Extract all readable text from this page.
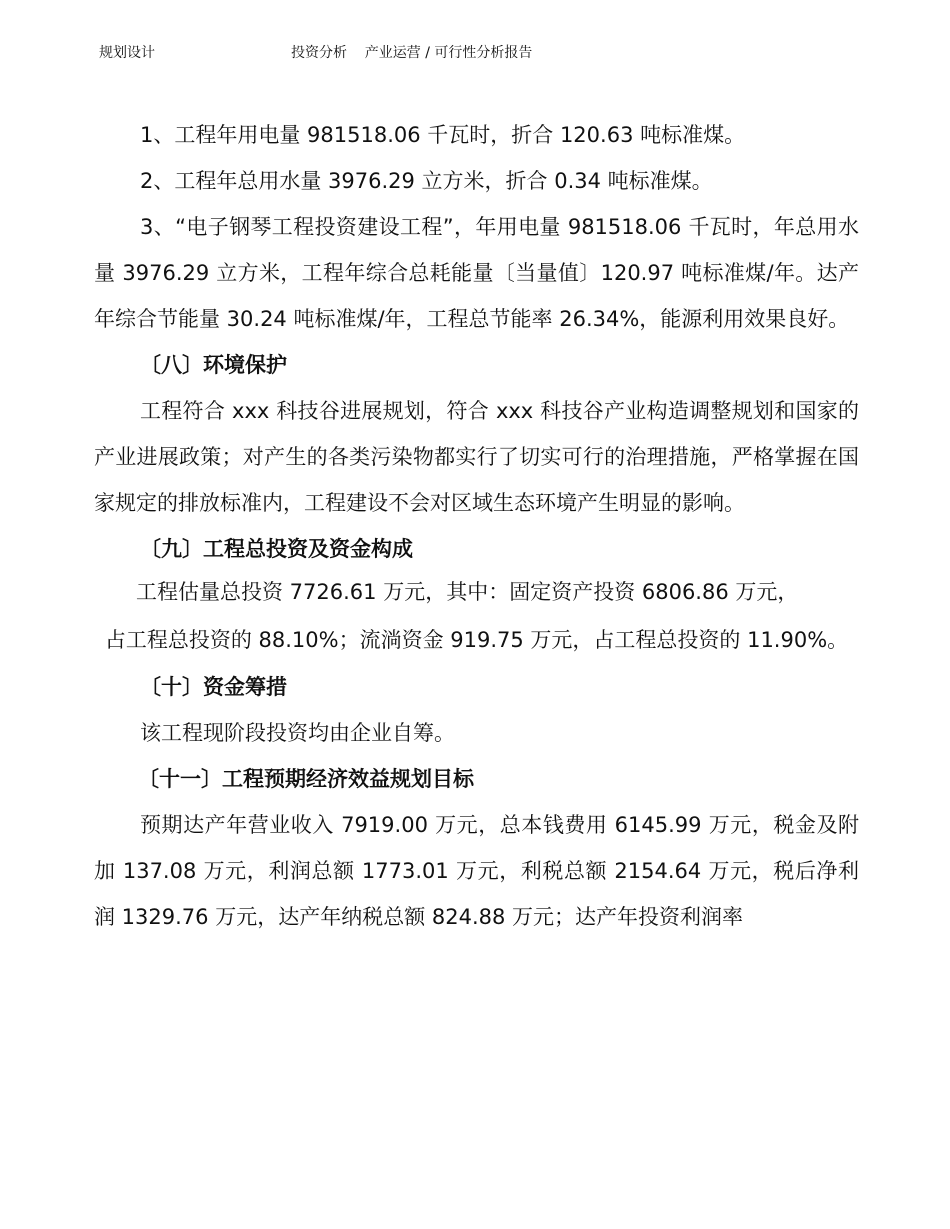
规划设计	投资分析    产业运营 / 可行性分析报告

1、工程年用电量 981518.06 千瓦时，折合 120.63 吨标准煤。

2、工程年总用水量 3976.29 立方米，折合 0.34 吨标准煤。

3、“电子钢琴工程投资建设工程”，年用电量 981518.06 千瓦时，年总用水量 3976.29 立方米，工程年综合总耗能量〔当量值〕120.97 吨标准煤/年。达产年综合节能量 30.24 吨标准煤/年，工程总节能率 26.34%，能源利用效果良好。

〔八〕环境保护

工程符合 xxx 科技谷进展规划，符合 xxx 科技谷产业构造调整规划和国家的产业进展政策；对产生的各类污染物都实行了切实可行的治理措施，严格掌握在国家规定的排放标准内，工程建设不会对区域生态环境产生明显的影响。

〔九〕工程总投资及资金构成

工程估量总投资 7726.61 万元，其中：固定资产投资 6806.86 万元，

占工程总投资的 88.10%；流淌资金 919.75 万元，占工程总投资的 11.90%。

〔十〕资金筹措

该工程现阶段投资均由企业自筹。

〔十一〕工程预期经济效益规划目标

预期达产年营业收入 7919.00 万元，总本钱费用 6145.99 万元，税金及附加 137.08 万元，利润总额 1773.01 万元，利税总额 2154.64 万元，税后净利润 1329.76 万元，达产年纳税总额 824.88 万元；达产年投资利润率
